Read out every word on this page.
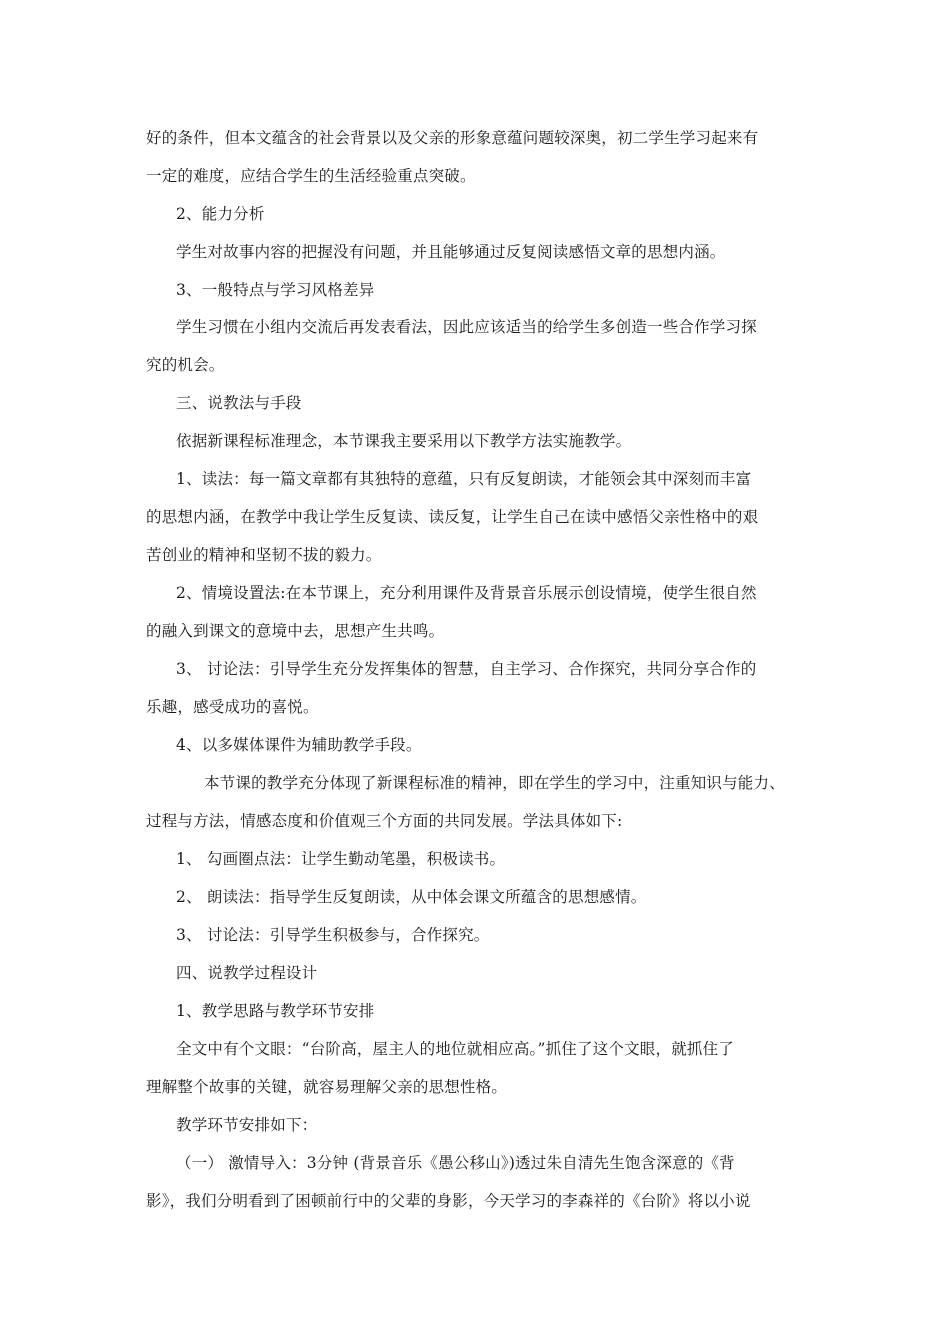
好的条件，但本文蕴含的社会背景以及父亲的形象意蕴问题较深奥，初二学生学习起来有
一定的难度，应结合学生的生活经验重点突破。
2、能力分析
学生对故事内容的把握没有问题，并且能够通过反复阅读感悟文章的思想内涵。
3、一般特点与学习风格差异
学生习惯在小组内交流后再发表看法，因此应该适当的给学生多创造一些合作学习探
究的机会。
三、说教法与手段
依据新课程标准理念，本节课我主要采用以下教学方法实施教学。
1、读法：每一篇文章都有其独特的意蕴，只有反复朗读，才能领会其中深刻而丰富
的思想内涵，在教学中我让学生反复读、读反复，让学生自己在读中感悟父亲性格中的艰
苦创业的精神和坚韧不拔的毅力。
2、情境设置法:在本节课上，充分利用课件及背景音乐展示创设情境，使学生很自然
的融入到课文的意境中去，思想产生共鸣。
3、 讨论法：引导学生充分发挥集体的智慧，自主学习、合作探究，共同分享合作的
乐趣，感受成功的喜悦。
4、以多媒体课件为辅助教学手段。
本节课的教学充分体现了新课程标准的精神，即在学生的学习中，注重知识与能力、
过程与方法，情感态度和价值观三个方面的共同发展。学法具体如下:
1、 勾画圈点法：让学生勤动笔墨，积极读书。
2、 朗读法：指导学生反复朗读，从中体会课文所蕴含的思想感情。
3、 讨论法：引导学生积极参与，合作探究。
四、说教学过程设计
1、教学思路与教学环节安排
全文中有个文眼：“台阶高，屋主人的地位就相应高。”抓住了这个文眼，就抓住了
理解整个故事的关键，就容易理解父亲的思想性格。
教学环节安排如下：
（一） 激情导入：3分钟 (背景音乐《愚公移山》)透过朱自清先生饱含深意的《背
影》，我们分明看到了困顿前行中的父辈的身影，今天学习的李森祥的《台阶》将以小说
